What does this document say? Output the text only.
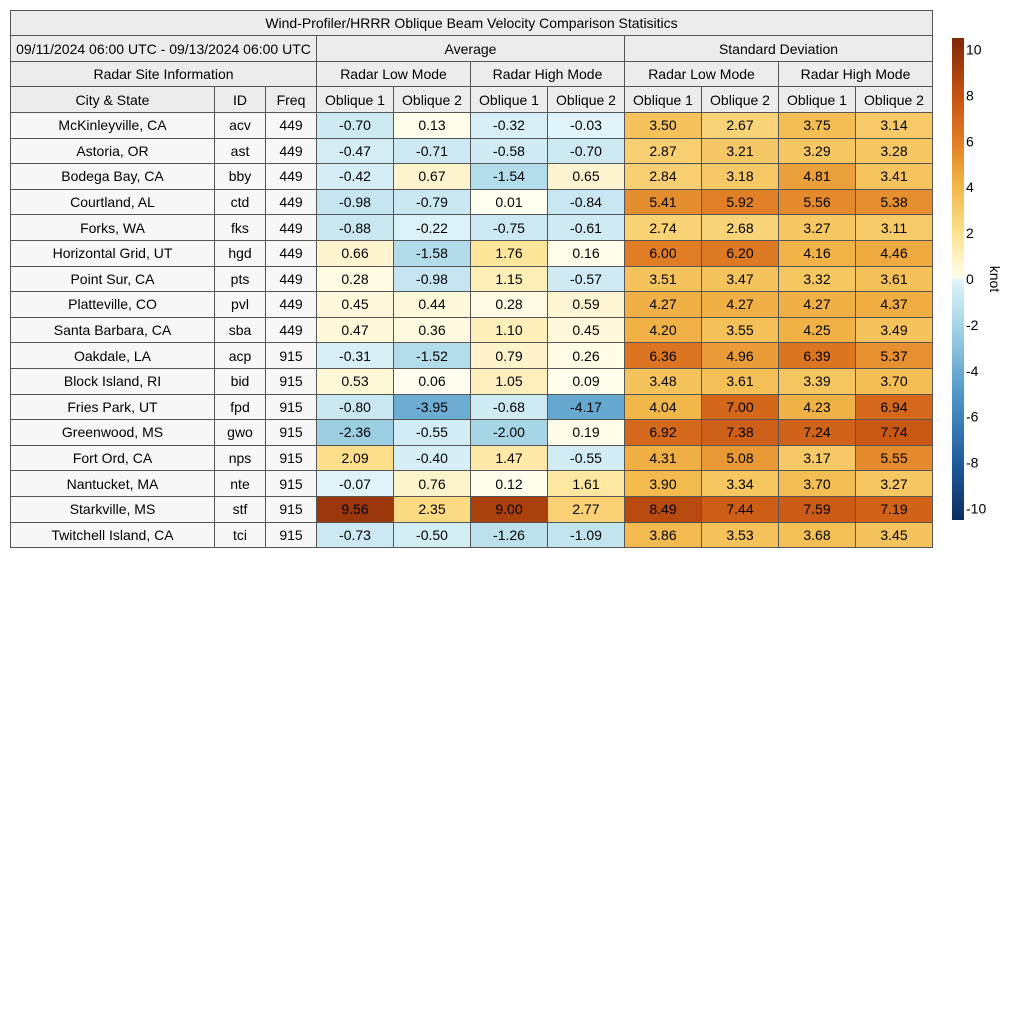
Wind-Profiler/HRRR Oblique Beam Velocity Comparison Statisitics										
09/11/2024 06:00 UTC - 09/13/2024 06:00 UTC			Average				Standard Deviation			
Radar Site Information			Radar Low Mode		Radar High Mode		Radar Low Mode		Radar High Mode	
City & State	ID	Freq	Oblique 1	Oblique 2	Oblique 1	Oblique 2	Oblique 1	Oblique 2	Oblique 1	Oblique 2
McKinleyville, CA	acv	449	-0.70	0.13	-0.32	-0.03	3.50	2.67	3.75	3.14
Astoria, OR	ast	449	-0.47	-0.71	-0.58	-0.70	2.87	3.21	3.29	3.28
Bodega Bay, CA	bby	449	-0.42	0.67	-1.54	0.65	2.84	3.18	4.81	3.41
Courtland, AL	ctd	449	-0.98	-0.79	0.01	-0.84	5.41	5.92	5.56	5.38
Forks, WA	fks	449	-0.88	-0.22	-0.75	-0.61	2.74	2.68	3.27	3.11
Horizontal Grid, UT	hgd	449	0.66	-1.58	1.76	0.16	6.00	6.20	4.16	4.46
Point Sur, CA	pts	449	0.28	-0.98	1.15	-0.57	3.51	3.47	3.32	3.61
Platteville, CO	pvl	449	0.45	0.44	0.28	0.59	4.27	4.27	4.27	4.37
Santa Barbara, CA	sba	449	0.47	0.36	1.10	0.45	4.20	3.55	4.25	3.49
Oakdale, LA	acp	915	-0.31	-1.52	0.79	0.26	6.36	4.96	6.39	5.37
Block Island, RI	bid	915	0.53	0.06	1.05	0.09	3.48	3.61	3.39	3.70
Fries Park, UT	fpd	915	-0.80	-3.95	-0.68	-4.17	4.04	7.00	4.23	6.94
Greenwood, MS	gwo	915	-2.36	-0.55	-2.00	0.19	6.92	7.38	7.24	7.74
Fort Ord, CA	nps	915	2.09	-0.40	1.47	-0.55	4.31	5.08	3.17	5.55
Nantucket, MA	nte	915	-0.07	0.76	0.12	1.61	3.90	3.34	3.70	3.27
Starkville, MS	stf	915	9.56	2.35	9.00	2.77	8.49	7.44	7.59	7.19
Twitchell Island, CA	tci	915	-0.73	-0.50	-1.26	-1.09	3.86	3.53	3.68	3.45
10
8
6
4
2
0
-2
-4
-6
-8
-10
knot
